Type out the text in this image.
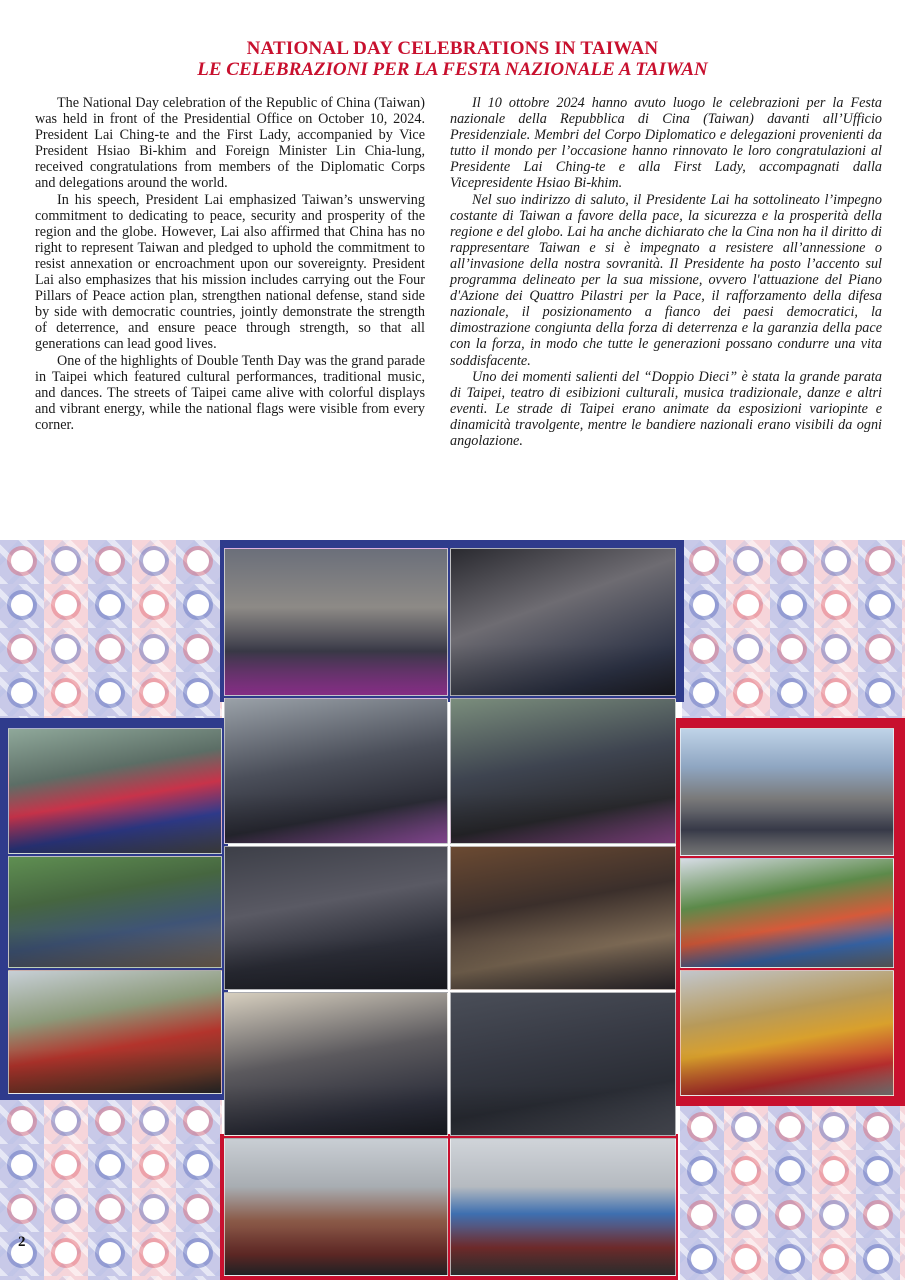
NATIONAL DAY CELEBRATIONS IN TAIWAN
LE CELEBRAZIONI PER LA FESTA NAZIONALE A TAIWAN

The National Day celebration of the Republic of China (Taiwan) was held in front of the Presidential Office on October 10, 2024. President Lai Ching-te and the First Lady, accompanied by Vice President Hsiao Bi-khim and Foreign Minister Lin Chia-lung, received congratulations from members of the Diplomatic Corps and delegations around the world.

In his speech, President Lai emphasized Taiwan’s unswerving commitment to dedicating to peace, security and prosperity of the region and the globe. However, Lai also affirmed that China has no right to represent Taiwan and pledged to uphold the commitment to resist annexation or encroachment upon our sovereignty. President Lai also emphasizes that his mission includes carrying out the Four Pillars of Peace action plan, strengthen national defense, stand side by side with democratic countries, jointly demonstrate the strength of deterrence, and ensure peace through strength, so that all generations can lead good lives.

One of the highlights of Double Tenth Day was the grand parade in Taipei which featured cultural performances, traditional music, and dances. The streets of Taipei came alive with colorful displays and vibrant energy, while the national flags were visible from every corner.

Il 10 ottobre 2024 hanno avuto luogo le celebrazioni per la Festa nazionale della Repubblica di Cina (Taiwan) davanti all’Ufficio Presidenziale. Membri del Corpo Diplomatico e delegazioni provenienti da tutto il mondo per l’occasione hanno rinnovato le loro congratulazioni al Presidente Lai Ching-te e alla First Lady, accompagnati dalla Vicepresidente Hsiao Bi-khim.

Nel suo indirizzo di saluto, il Presidente Lai ha sottolineato l’impegno costante di Taiwan a favore della pace, la sicurezza e la prosperità della regione e del globo. Lai ha anche dichiarato che la Cina non ha il diritto di rappresentare Taiwan e si è impegnato a resistere all’annessione o all’invasione della nostra sovranità. Il Presidente ha posto l’accento sul programma delineato per la sua missione, ovvero l'attuazione del Piano d'Azione dei Quattro Pilastri per la Pace, il rafforzamento della difesa nazionale, il posizionamento a fianco dei paesi democratici, la dimostrazione congiunta della forza di deterrenza e la garanzia della pace con la forza, in modo che tutte le generazioni possano condurre una vita soddisfacente.

Uno dei momenti salienti del “Doppio Dieci” è stata la grande parata di Taipei, teatro di esibizioni culturali, musica tradizionale, danze e altri eventi. Le strade di Taipei erano animate da esposizioni variopinte e dinamicità travolgente, mentre le bandiere nazionali erano visibili da ogni angolazione.

2
